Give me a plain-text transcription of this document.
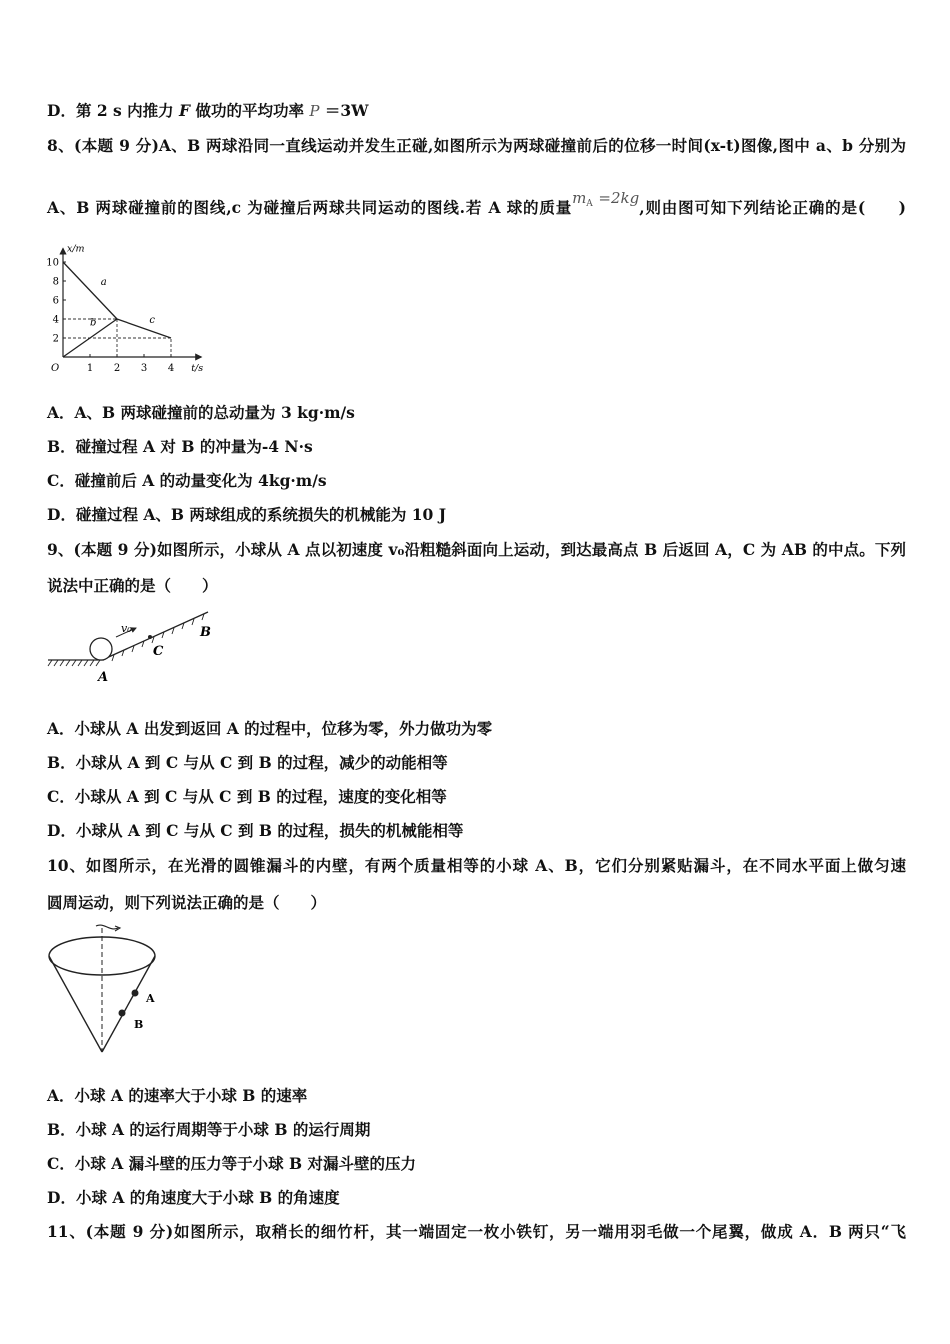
D．第 2 s 内推力 F 做功的平均功率 P ＝3W
8、(本题 9 分)A、B 两球沿同一直线运动并发生正碰,如图所示为两球碰撞前后的位移一时间(x-t)图像,图中 a、b 分别为
A、B 两球碰撞前的图线,c 为碰撞后两球共同运动的图线.若 A 球的质量$m_A =2kg$,则由图可知下列结论正确的是(　　)
a
b	c
2
4
6
8
10
1 2 3 4
x/m
t/s
O
A．A、B 两球碰撞前的总动量为 3 kg·m/s
B．碰撞过程 A 对 B 的冲量为-4 N·s
C．碰撞前后 A 的动量变化为 4kg·m/s
D．碰撞过程 A、B 两球组成的系统损失的机械能为 10 J
9、(本题 9 分)如图所示，小球从 A 点以初速度 v₀沿粗糙斜面向上运动，到达最高点 B 后返回 A，C 为 AB 的中点。下列
说法中正确的是（　　）
v₀
A
B
C
A．小球从 A 出发到返回 A 的过程中，位移为零，外力做功为零
B．小球从 A 到 C 与从 C 到 B 的过程，减少的动能相等
C．小球从 A 到 C 与从 C 到 B 的过程，速度的变化相等
D．小球从 A 到 C 与从 C 到 B 的过程，损失的机械能相等
10、如图所示，在光滑的圆锥漏斗的内壁，有两个质量相等的小球 A、B，它们分别紧贴漏斗，在不同水平面上做匀速
圆周运动，则下列说法正确的是（　　）
A
B
A．小球 A 的速率大于小球 B 的速率
B．小球 A 的运行周期等于小球 B 的运行周期
C．小球 A 漏斗壁的压力等于小球 B 对漏斗壁的压力
D．小球 A 的角速度大于小球 B 的角速度
11、(本题 9 分)如图所示，取稍长的细竹杆，其一端固定一枚小铁钉，另一端用羽毛做一个尾翼，做成 A．B 两只“飞
